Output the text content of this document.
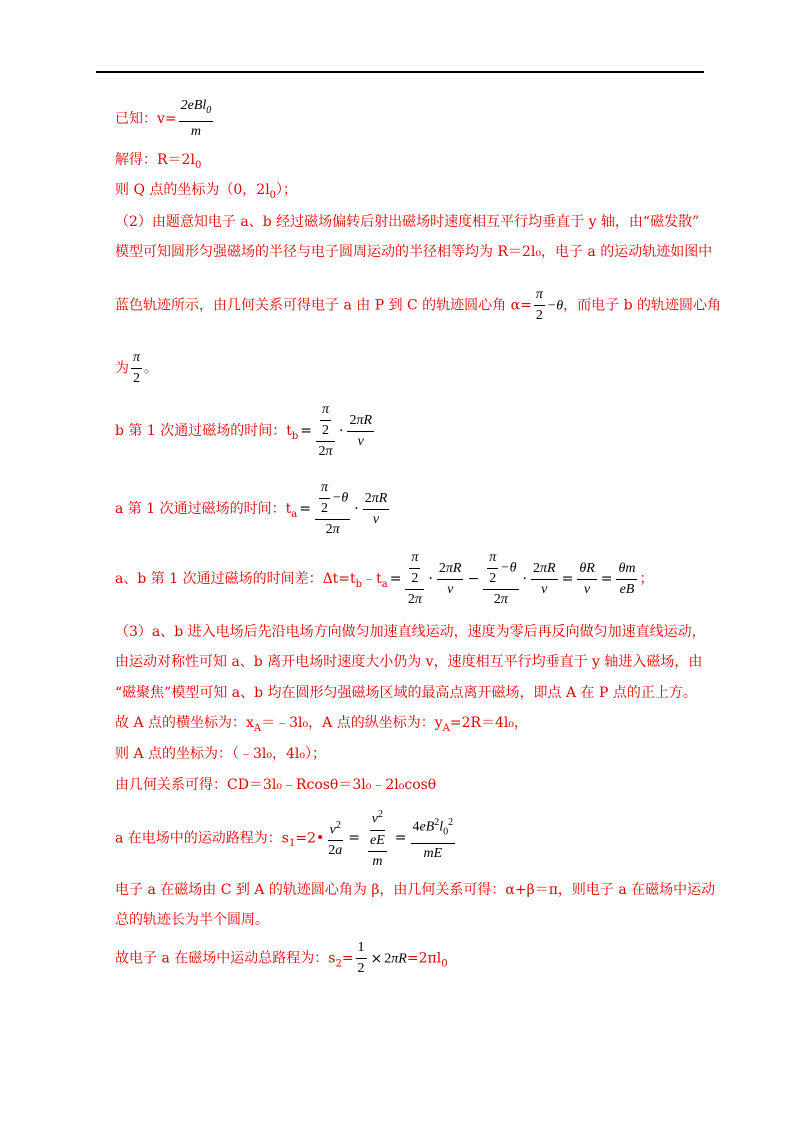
已知：$v= \frac{2eBl_0}{m}$
解得：$R=2l_0$
则 Q 点的坐标为（0，$2l_0$）；
（2）由题意知电子 a、b 经过磁场偏转后射出磁场时速度相互平行均垂直于 y 轴，由“磁发散”
模型可知圆形匀强磁场的半径与电子圆周运动的半径相等均为 R＝2l₀，电子 a 的运动轨迹如图中
蓝色轨迹所示，由几何关系可得电子 a 由 P 到 C 的轨迹圆心角 $\alpha= \frac{\pi}{2} -\theta$，而电子 b 的轨迹圆心角
为 $\frac{\pi}{2}$ 。
b 第 1 次通过磁场的时间：$t_b = \frac{\frac{\pi}{2}}{2\pi} \cdot \frac{2\pi R}{v}$
a 第 1 次通过磁场的时间：$t_a = \frac{\frac{\pi}{2} -\theta}{2\pi} \cdot \frac{2\pi R}{v}$
a、b 第 1 次通过磁场的时间差：$\Delta t=t_b﹣t_a = \frac{\frac{\pi}{2}}{2\pi} \cdot \frac{2\pi R}{v} - \frac{\frac{\pi}{2} -\theta}{2\pi} \cdot \frac{2\pi R}{v} = \frac{\theta R}{v} = \frac{\theta m}{eB}$ ；
（3）a、b 进入电场后先沿电场方向做匀加速直线运动，速度为零后再反向做匀加速直线运动，
由运动对称性可知 a、b 离开电场时速度大小仍为 v，速度相互平行均垂直于 y 轴进入磁场，由
“磁聚焦”模型可知 a、b 均在圆形匀强磁场区域的最高点离开磁场，即点 A 在 P 点的正上方。
故 A 点的横坐标为：$x_A=﹣3l_0$，A 点的纵坐标为：$y_A=2R=4l_0$，
则 A 点的坐标为：（﹣3l₀，4l₀）；
由几何关系可得：CD＝3l₀﹣Rcosθ＝3l₀﹣2l₀cosθ
a 在电场中的运动路程为：$s_1=2• \frac{v^2}{2a} = \frac{v^2}{\frac{eE}{m}} = \frac{4eB^2l_0^2}{mE}$
电子 a 在磁场由 C 到 A 的轨迹圆心角为 β，由几何关系可得：α+β＝π，则电子 a 在磁场中运动
总的轨迹长为半个圆周。
故电子 a 在磁场中运动总路程为：$s_2= \frac{1}{2} \times 2\pi R=2\pi l_0$
